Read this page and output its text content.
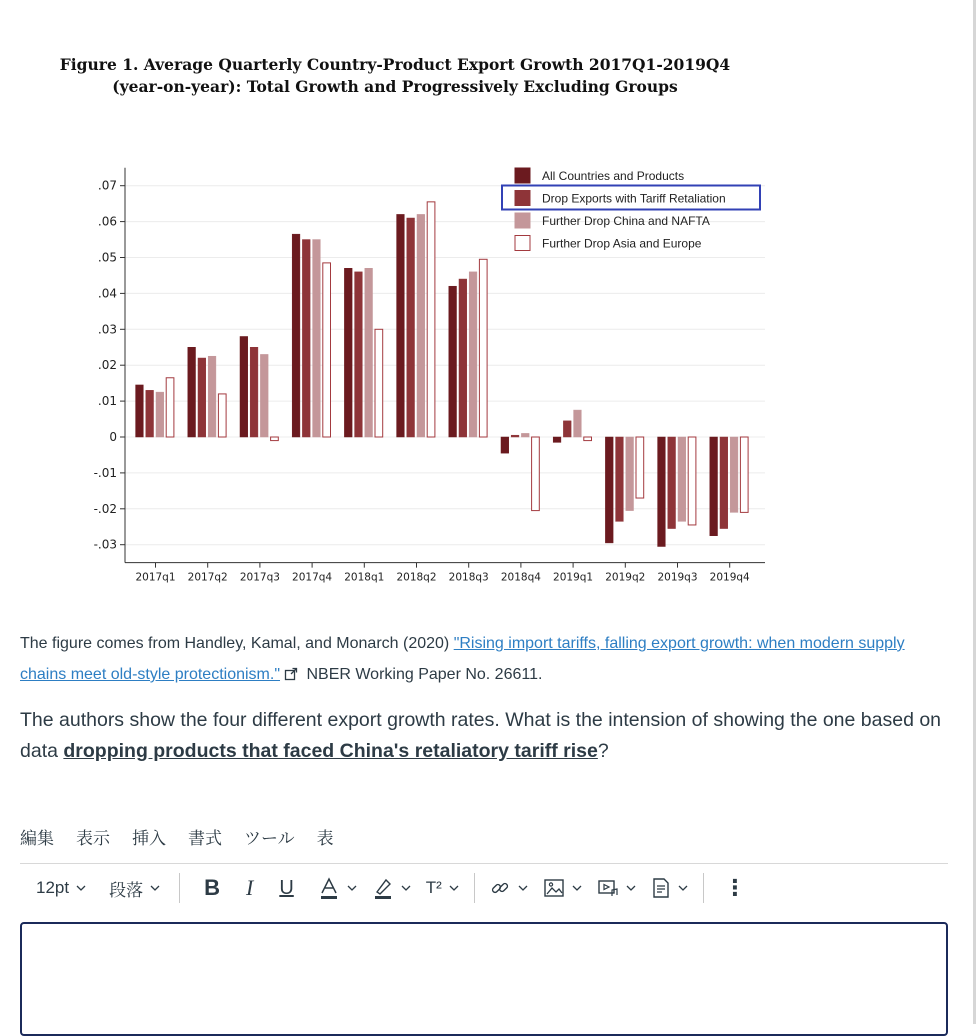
Figure 1. Average Quarterly Country-Product Export Growth 2017Q1-2019Q4
(year-on-year): Total Growth and Progressively Excluding Groups
.07
.06
.05
.04
.03
.02
.01
0
-.01
-.02
-.03
2017q1 2017q2 2017q3 2017q4 2018q1 2018q2 2018q3 2018q4 2019q1 2019q2 2019q3 2019q4
All Countries and Products
Drop Exports with Tariff Retaliation
Further Drop China and NAFTA
Further Drop Asia and Europe
The figure comes from Handley, Kamal, and Monarch (2020) "Rising import tariffs, falling export growth: when modern supply chains meet old-style protectionism." NBER Working Paper No. 26611.
The authors show the four different export growth rates. What is the intension of showing the one based on data dropping products that faced China's retaliatory tariff rise?
編集 表示 挿入 書式 ツール 表
12pt 段落	B I U	T²	⋮
